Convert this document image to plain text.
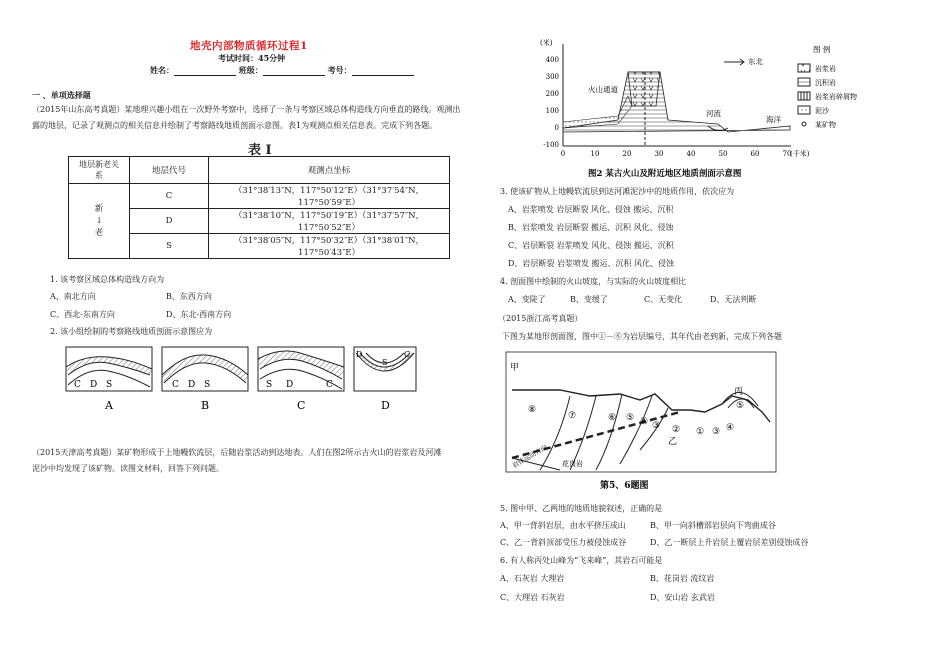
地壳内部物质循环过程1
考试时间：45分钟
姓名：	班级：	考号：
一 、单项选择题
（2015年山东高考真题）某地理兴趣小组在一次野外考察中，选择了一条与考察区域总体构造线方向垂直的路线。观测出
露的地层，记录了观测点的相关信息并绘制了考察路线地质剖面示意图。表1为观测点相关信息表。完成下列各题。
表 I
地层新老关系	地层代号	观测点坐标

新
↓
老	C	（31°38′13″N，117°50′12″E）（31°37′54″N，117°50′59″E）
	D	（31°38′10″N，117°50′19″E）（31°37′57″N，117°50′52″E）
	S	（31°38′05″N，117°50′32″E）（31°38′01″N，117°50′43″E）
1. 该考察区域总体构造线方向为
A、南北方向	B、东西方向
C、西北-东南方向	D、东北-西南方向
2. 该小组绘制的考察路线地质剖面示意图应为
C D S	C D S	S D	C
D
S
C
A	B	C	D
（2015天津高考真题）某矿物形成于上地幔软流层，后随岩浆活动到达地表。人们在图2所示古火山的岩浆岩及河滩
泥沙中均发现了该矿物。读图文材料，回答下列问题。
(米)
400
300
200
100
0
-100
0	10	20	30	40	50	60	70
(千米)
火山通道
东北
河流
海洋
图 例
岩浆岩
沉积岩
岩浆岩碎屑物
泥沙
某矿物
图2 某古火山及附近地区地质剖面示意图
3. 使该矿物从上地幔软流层到达河滩泥沙中的地质作用，依次应为
A、岩浆喷发 岩层断裂 风化、侵蚀 搬运、沉积
B、岩浆喷发 岩层断裂 搬运、沉积 风化、侵蚀
C、岩层断裂 岩浆喷发 风化、侵蚀 搬运、沉积
D、岩层断裂 岩浆喷发 搬运、沉积 风化、侵蚀
4. 剖面图中绘制的火山坡度，与实际的火山坡度相比
A、变陡了	B、变缓了	C、无变化	D、无法判断
（2015浙江高考真题）
下图为某地形剖面图，图中①－⑧为岩层编号，其年代由老到新，完成下列各题
甲
乙
丙
⑧
⑦	⑥ ⑤ ④ ③ ② ① ③ ④
⑤
岩体运动方向 花岗岩
第5、6题图
5. 图中甲、乙两地的地质地貌叙述，正确的是
A、甲一背斜岩层，由水平挤压成山	B、甲一向斜槽部岩层向下弯曲成谷
C、乙一背斜顶部受压力被侵蚀成谷	D、乙一断层上升岩层上覆岩层差别侵蚀成谷
6. 有人称丙处山峰为“飞来峰”，其岩石可能是
A、石灰岩 大理岩	B、花岗岩 流纹岩
C、大理岩 石灰岩	D、安山岩 玄武岩
